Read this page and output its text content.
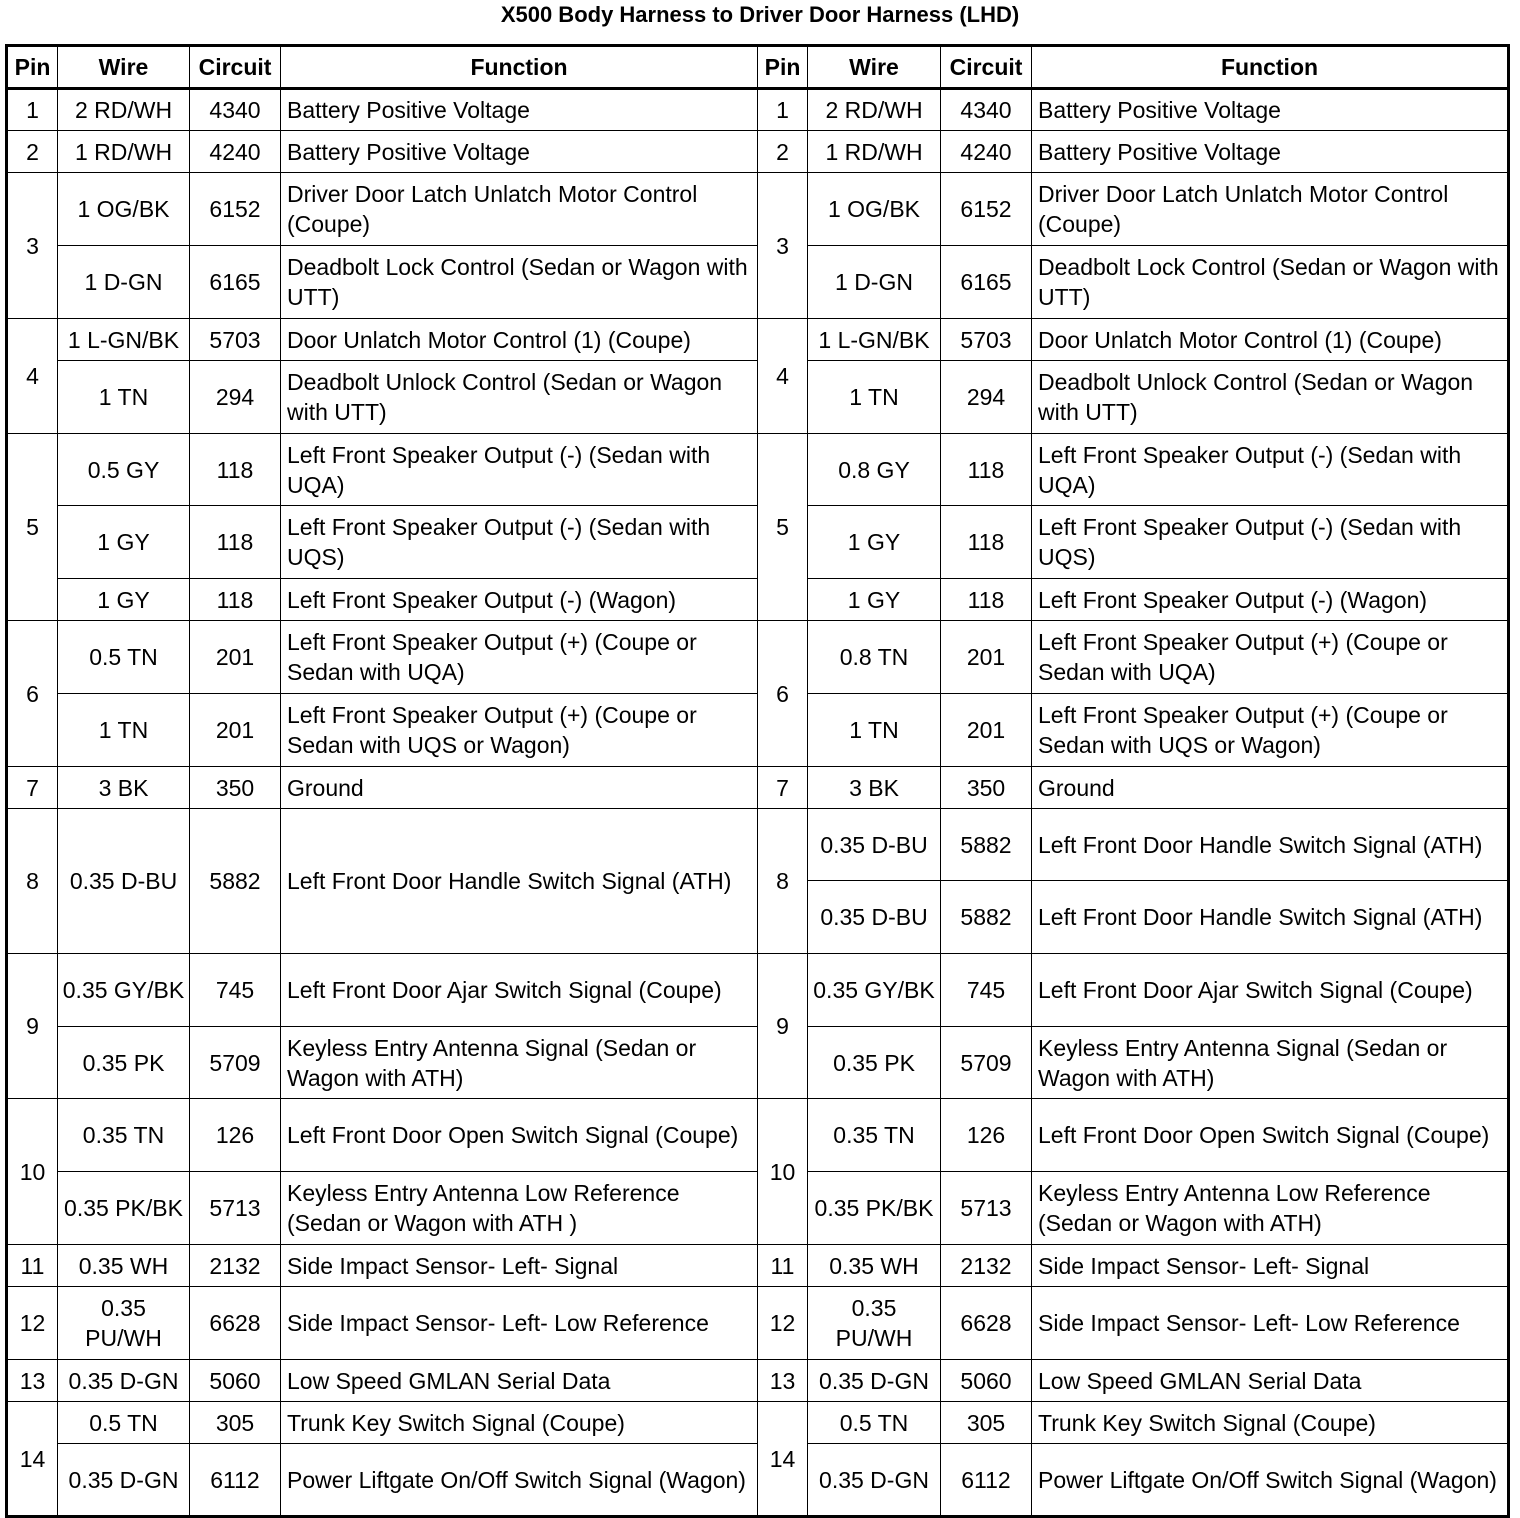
X500 Body Harness to Driver Door Harness (LHD)
Pin	Wire	Circuit	Function	Pin	Wire	Circuit	Function
1	2 RD/WH	4340	Battery Positive Voltage	1	2 RD/WH	4340	Battery Positive Voltage
2	1 RD/WH	4240	Battery Positive Voltage	2	1 RD/WH	4240	Battery Positive Voltage
3	1 OG/BK	6152	Driver Door Latch Unlatch Motor Control (Coupe)	3	1 OG/BK	6152	Driver Door Latch Unlatch Motor Control (Coupe)
	1 D-GN	6165	Deadbolt Lock Control (Sedan or Wagon with UTT)		1 D-GN	6165	Deadbolt Lock Control (Sedan or Wagon with UTT)
4	1 L-GN/BK	5703	Door Unlatch Motor Control (1) (Coupe)	4	1 L-GN/BK	5703	Door Unlatch Motor Control (1) (Coupe)
	1 TN	294	Deadbolt Unlock Control (Sedan or Wagon with UTT)		1 TN	294	Deadbolt Unlock Control (Sedan or Wagon with UTT)
5	0.5 GY	118	Left Front Speaker Output (-) (Sedan with UQA)	5	0.8 GY	118	Left Front Speaker Output (-) (Sedan with UQA)
	1 GY	118	Left Front Speaker Output (-) (Sedan with UQS)		1 GY	118	Left Front Speaker Output (-) (Sedan with UQS)
	1 GY	118	Left Front Speaker Output (-) (Wagon)		1 GY	118	Left Front Speaker Output (-) (Wagon)
6	0.5 TN	201	Left Front Speaker Output (+) (Coupe or Sedan with UQA)	6	0.8 TN	201	Left Front Speaker Output (+) (Coupe or Sedan with UQA)
	1 TN	201	Left Front Speaker Output (+) (Coupe or Sedan with UQS or Wagon)		1 TN	201	Left Front Speaker Output (+) (Coupe or Sedan with UQS or Wagon)
7	3 BK	350	Ground	7	3 BK	350	Ground
8	0.35 D-BU	5882	Left Front Door Handle Switch Signal (ATH)	8	0.35 D-BU	5882	Left Front Door Handle Switch Signal (ATH)
					0.35 D-BU	5882	Left Front Door Handle Switch Signal (ATH)
9	0.35 GY/BK	745	Left Front Door Ajar Switch Signal (Coupe)	9	0.35 GY/BK	745	Left Front Door Ajar Switch Signal (Coupe)
	0.35 PK	5709	Keyless Entry Antenna Signal (Sedan or Wagon with ATH)		0.35 PK	5709	Keyless Entry Antenna Signal (Sedan or Wagon with ATH)
10	0.35 TN	126	Left Front Door Open Switch Signal (Coupe)	10	0.35 TN	126	Left Front Door Open Switch Signal (Coupe)
	0.35 PK/BK	5713	Keyless Entry Antenna Low Reference (Sedan or Wagon with ATH )		0.35 PK/BK	5713	Keyless Entry Antenna Low Reference (Sedan or Wagon with ATH)
11	0.35 WH	2132	Side Impact Sensor- Left- Signal	11	0.35 WH	2132	Side Impact Sensor- Left- Signal
12	0.35 PU/WH	6628	Side Impact Sensor- Left- Low Reference	12	0.35 PU/WH	6628	Side Impact Sensor- Left- Low Reference
13	0.35 D-GN	5060	Low Speed GMLAN Serial Data	13	0.35 D-GN	5060	Low Speed GMLAN Serial Data
14	0.5 TN	305	Trunk Key Switch Signal (Coupe)	14	0.5 TN	305	Trunk Key Switch Signal (Coupe)
	0.35 D-GN	6112	Power Liftgate On/Off Switch Signal (Wagon)		0.35 D-GN	6112	Power Liftgate On/Off Switch Signal (Wagon)
